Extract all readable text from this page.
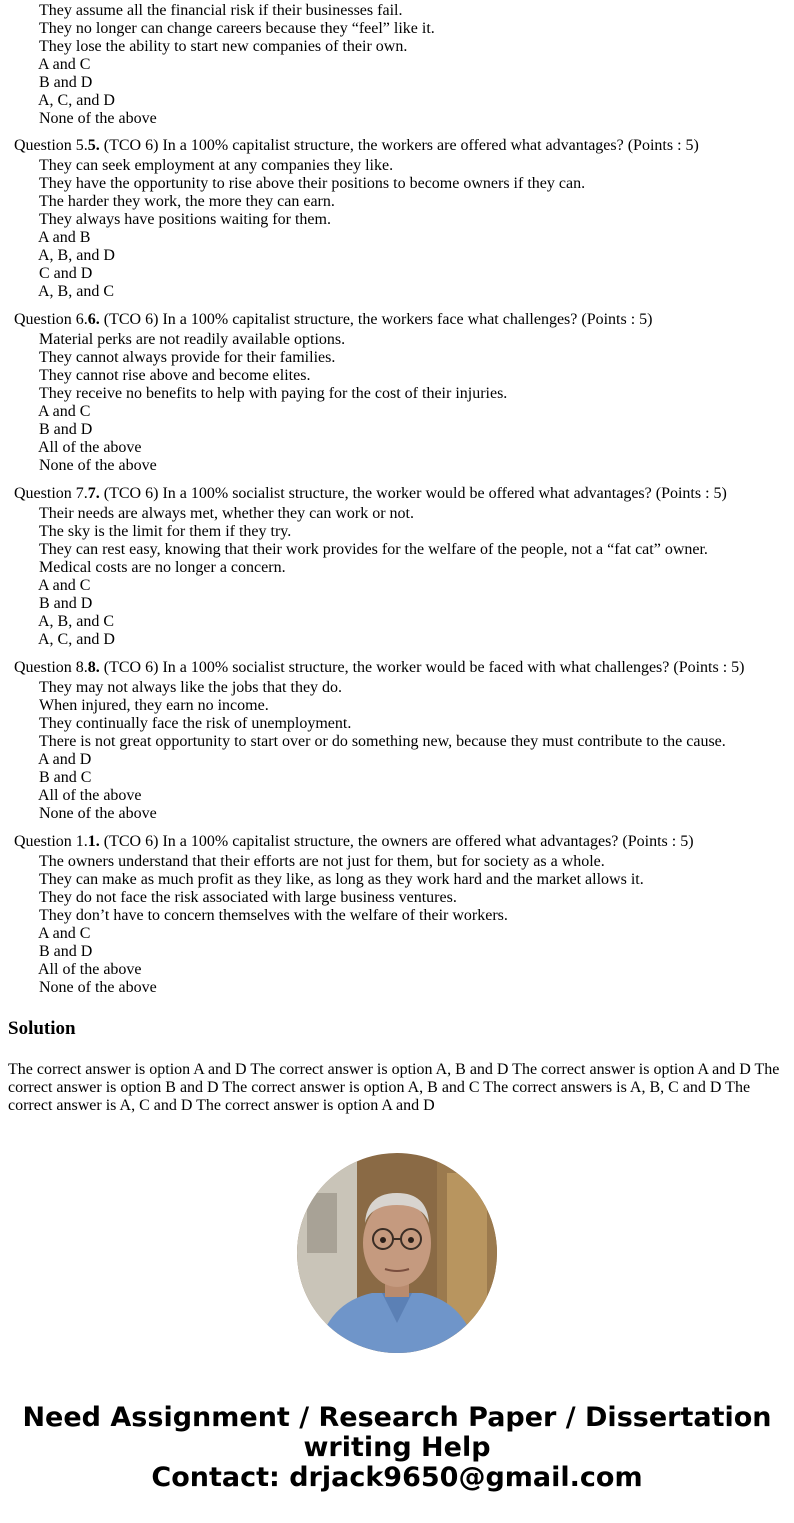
They assume all the financial risk if their businesses fail.
They no longer can change careers because they “feel” like it.
They lose the ability to start new companies of their own.
A and C
B and D
A, C, and D
None of the above
Question 5.5. (TCO 6) In a 100% capitalist structure, the workers are offered what advantages? (Points : 5)
They can seek employment at any companies they like.
They have the opportunity to rise above their positions to become owners if they can.
The harder they work, the more they can earn.
They always have positions waiting for them.
A and B
A, B, and D
C and D
A, B, and C
Question 6.6. (TCO 6) In a 100% capitalist structure, the workers face what challenges? (Points : 5)
Material perks are not readily available options.
They cannot always provide for their families.
They cannot rise above and become elites.
They receive no benefits to help with paying for the cost of their injuries.
A and C
B and D
All of the above
None of the above
Question 7.7. (TCO 6) In a 100% socialist structure, the worker would be offered what advantages? (Points : 5)
Their needs are always met, whether they can work or not.
The sky is the limit for them if they try.
They can rest easy, knowing that their work provides for the welfare of the people, not a “fat cat” owner.
Medical costs are no longer a concern.
A and C
B and D
A, B, and C
A, C, and D
Question 8.8. (TCO 6) In a 100% socialist structure, the worker would be faced with what challenges? (Points : 5)
They may not always like the jobs that they do.
When injured, they earn no income.
They continually face the risk of unemployment.
There is not great opportunity to start over or do something new, because they must contribute to the cause.
A and D
B and C
All of the above
None of the above
Question 1.1. (TCO 6) In a 100% capitalist structure, the owners are offered what advantages? (Points : 5)
The owners understand that their efforts are not just for them, but for society as a whole.
They can make as much profit as they like, as long as they work hard and the market allows it.
They do not face the risk associated with large business ventures.
They don’t have to concern themselves with the welfare of their workers.
A and C
B and D
All of the above
None of the above
Solution

The correct answer is option A and D The correct answer is option A, B and D The correct answer is option A and D The correct answer is option B and D The correct answer is option A, B and C The correct answers is A, B, C and D The correct answer is A, C and D The correct answer is option A and D

Need Assignment / Research Paper / Dissertation
writing Help
Contact: drjack9650@gmail.com
